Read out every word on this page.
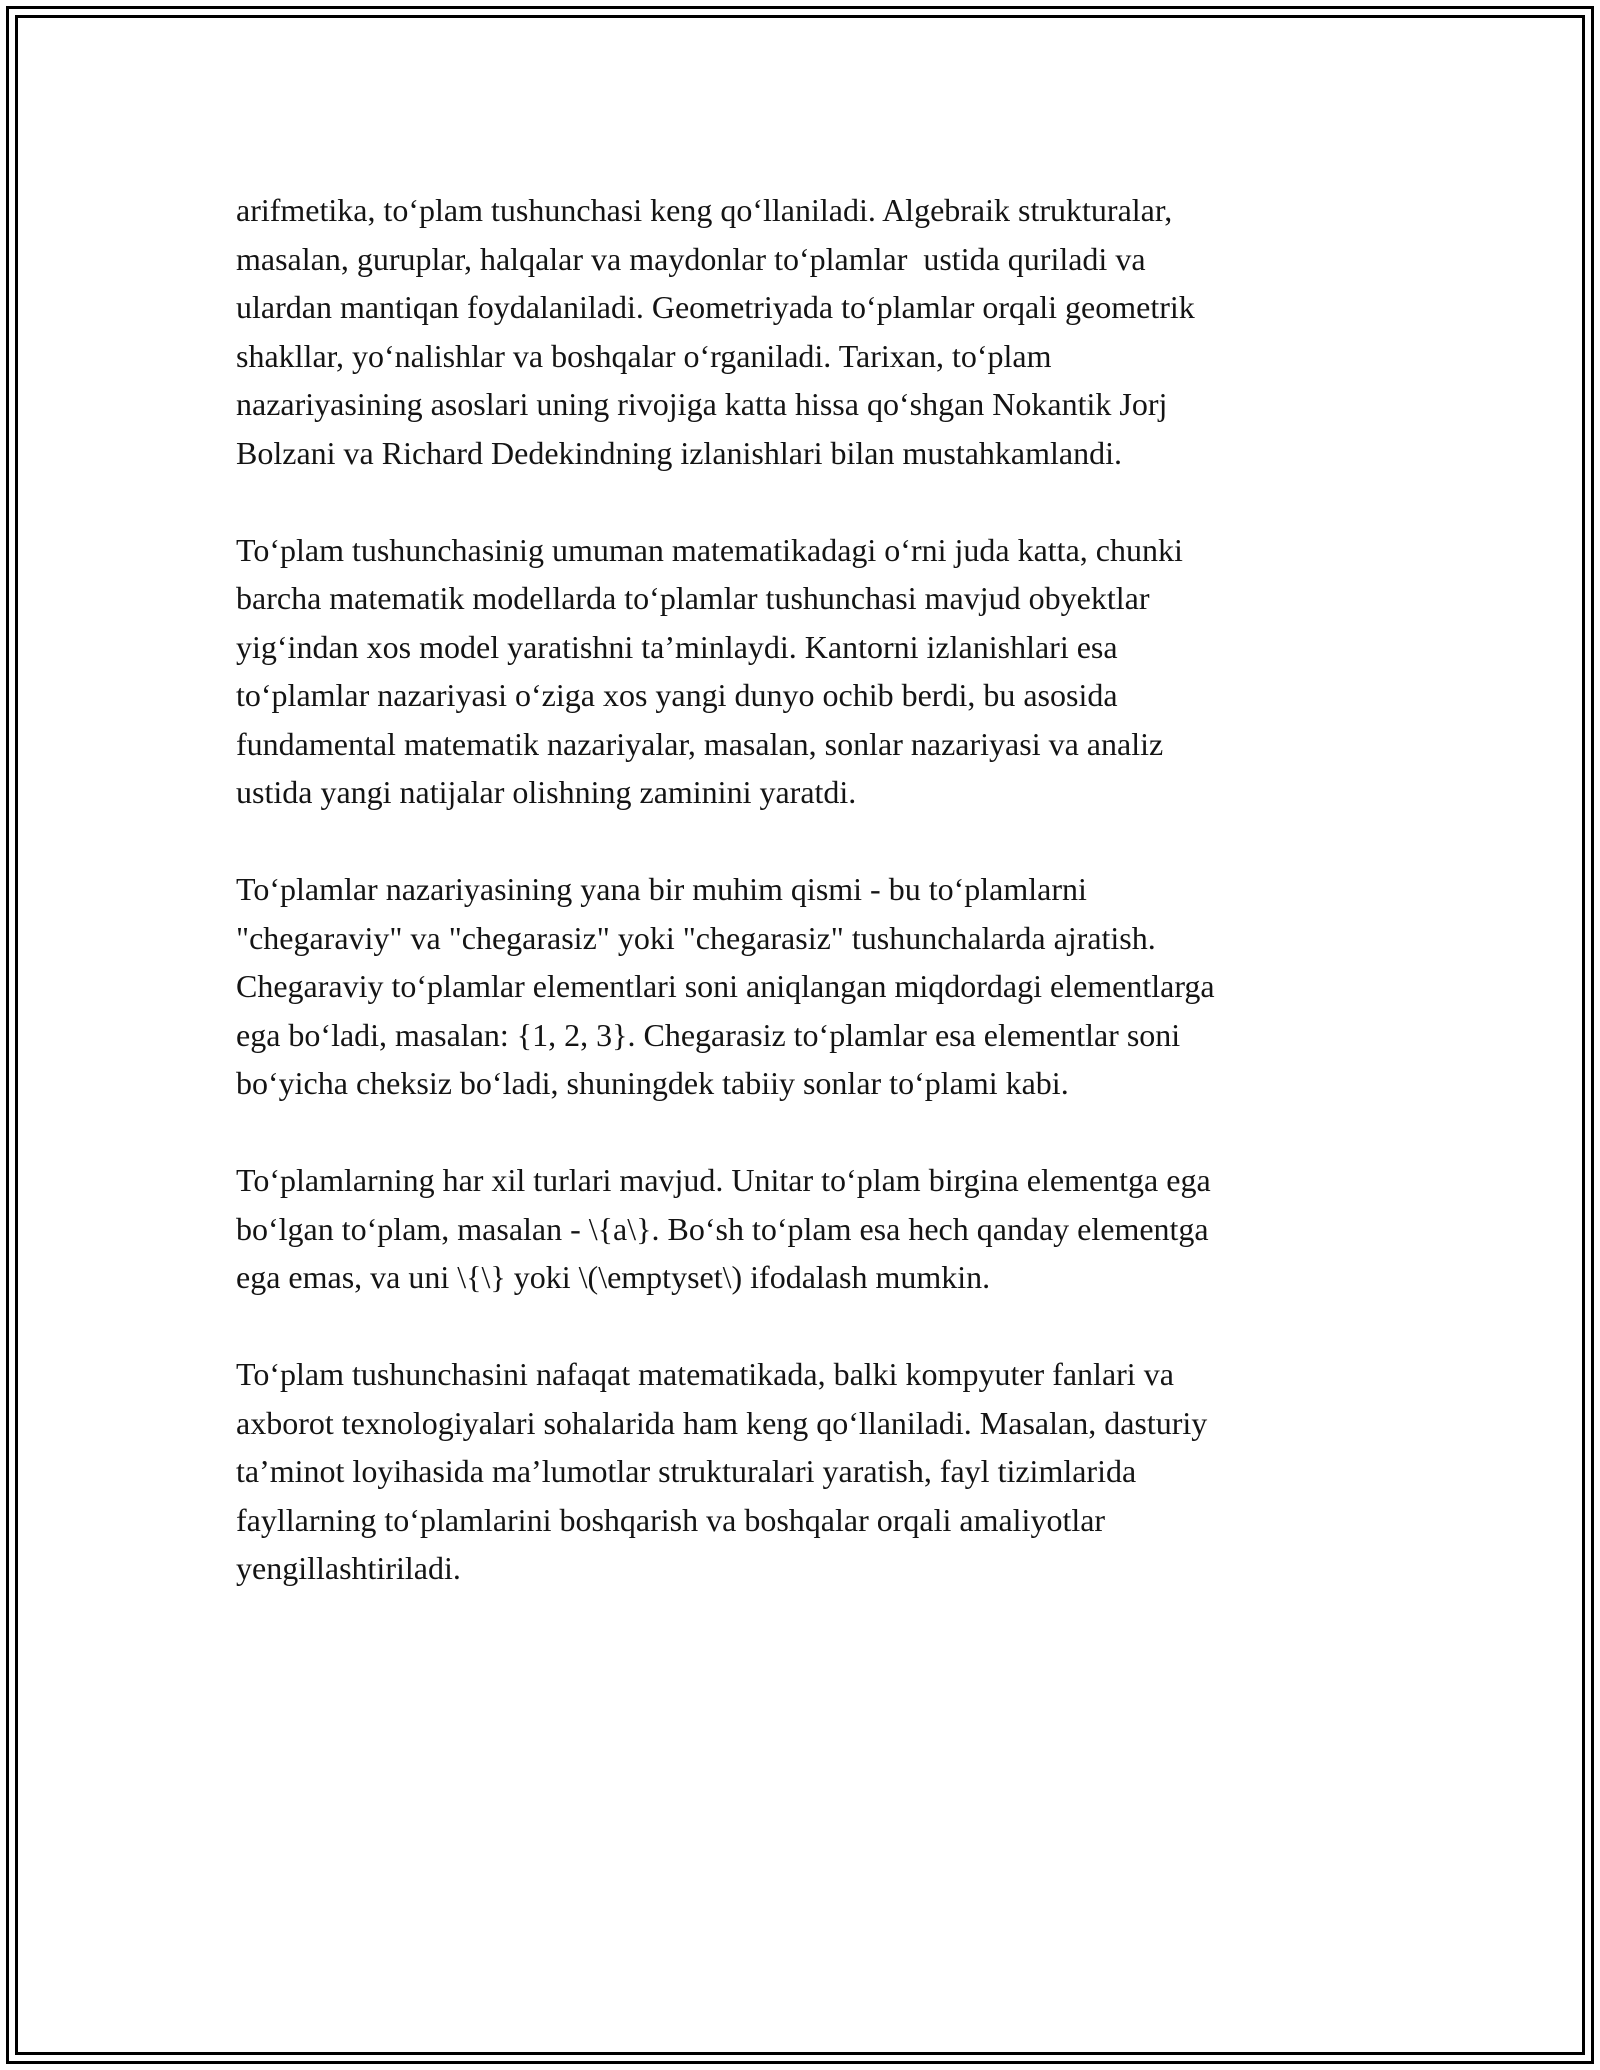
arifmetika, to‘plam tushunchasi keng qo‘llaniladi. Algebraik strukturalar,
masalan, guruplar, halqalar va maydonlar to‘plamlar  ustida quriladi va
ulardan mantiqan foydalaniladi. Geometriyada to‘plamlar orqali geometrik
shakllar, yo‘nalishlar va boshqalar o‘rganiladi. Tarixan, to‘plam
nazariyasining asoslari uning rivojiga katta hissa qo‘shgan Nokantik Jorj
Bolzani va Richard Dedekindning izlanishlari bilan mustahkamlandi.

To‘plam tushunchasinig umuman matematikadagi o‘rni juda katta, chunki
barcha matematik modellarda to‘plamlar tushunchasi mavjud obyektlar
yig‘indan xos model yaratishni ta’minlaydi. Kantorni izlanishlari esa
to‘plamlar nazariyasi o‘ziga xos yangi dunyo ochib berdi, bu asosida
fundamental matematik nazariyalar, masalan, sonlar nazariyasi va analiz
ustida yangi natijalar olishning zaminini yaratdi.

To‘plamlar nazariyasining yana bir muhim qismi - bu to‘plamlarni
"chegaraviy" va "chegarasiz" yoki "chegarasiz" tushunchalarda ajratish.
Chegaraviy to‘plamlar elementlari soni aniqlangan miqdordagi elementlarga
ega bo‘ladi, masalan: {1, 2, 3}. Chegarasiz to‘plamlar esa elementlar soni
bo‘yicha cheksiz bo‘ladi, shuningdek tabiiy sonlar to‘plami kabi.

To‘plamlarning har xil turlari mavjud. Unitar to‘plam birgina elementga ega
bo‘lgan to‘plam, masalan - \{a\}. Bo‘sh to‘plam esa hech qanday elementga
ega emas, va uni \{\} yoki \(\emptyset\) ifodalash mumkin.

To‘plam tushunchasini nafaqat matematikada, balki kompyuter fanlari va
axborot texnologiyalari sohalarida ham keng qo‘llaniladi. Masalan, dasturiy
ta’minot loyihasida ma’lumotlar strukturalari yaratish, fayl tizimlarida
fayllarning to‘plamlarini boshqarish va boshqalar orqali amaliyotlar
yengillashtiriladi.
